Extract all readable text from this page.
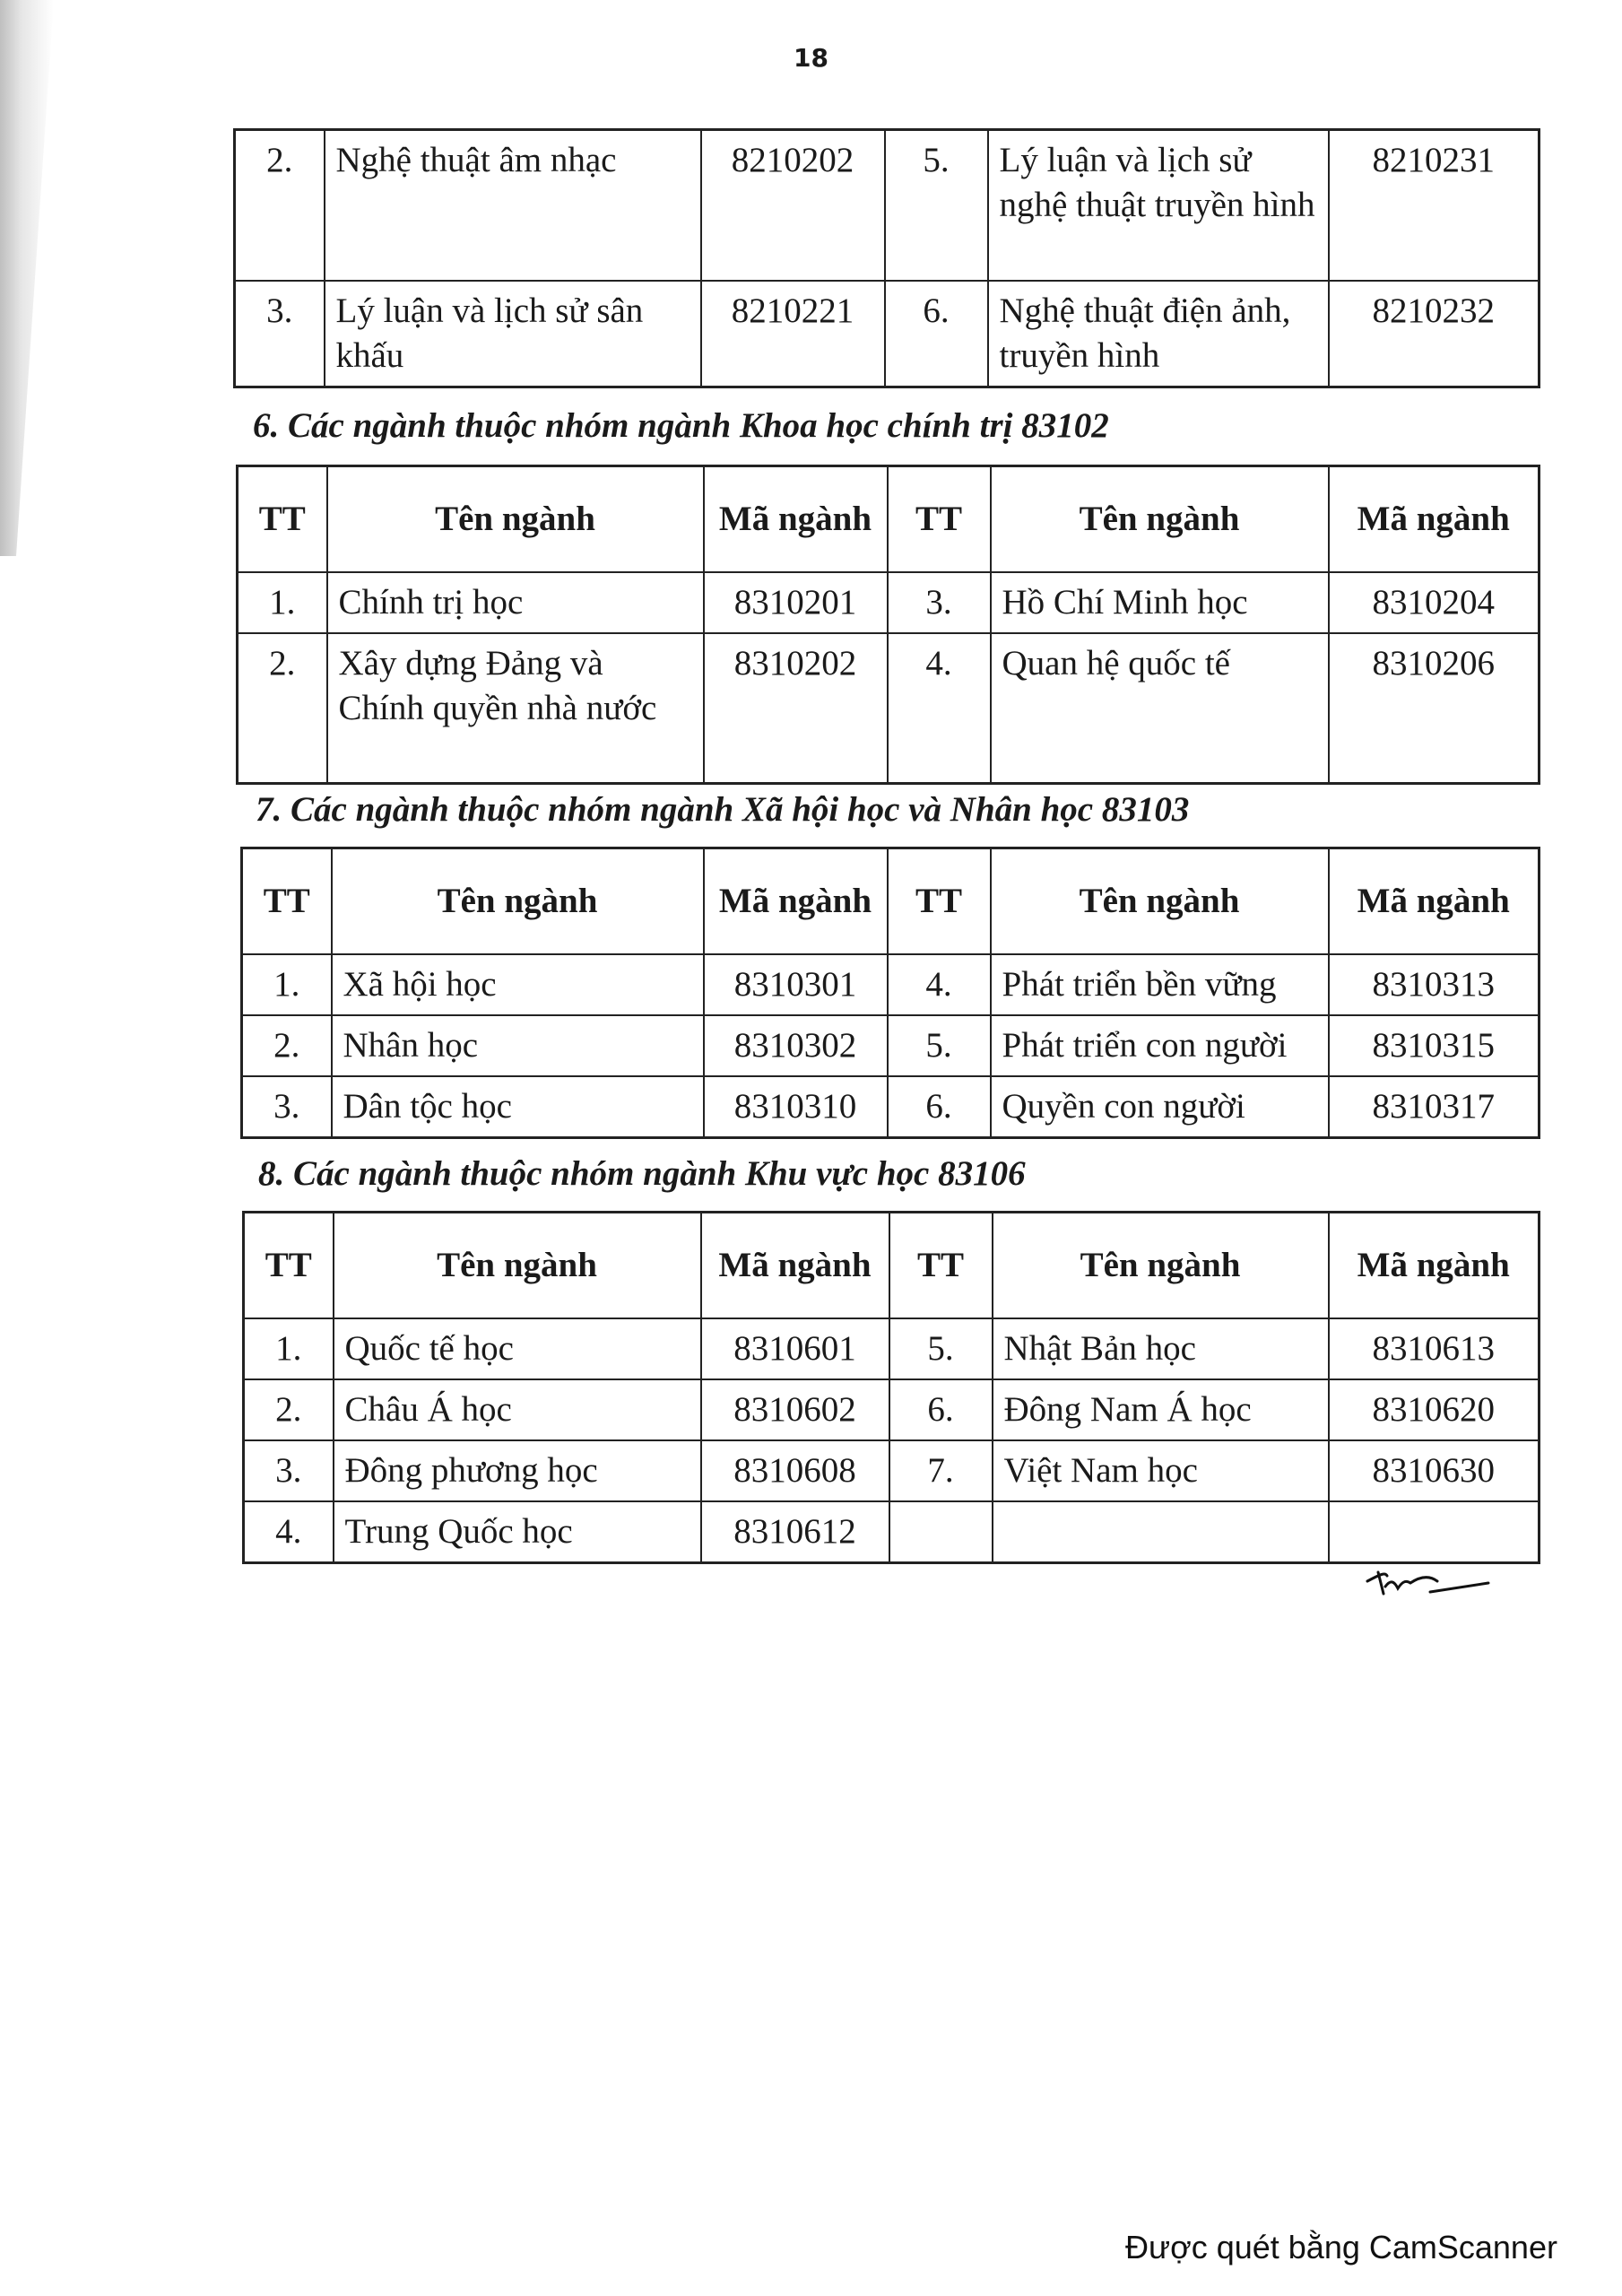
18
2.	Nghệ thuật âm nhạc	8210202	5.	Lý luận và lịch sử nghệ thuật truyền hình	8210231
3.	Lý luận và lịch sử sân khấu	8210221	6.	Nghệ thuật điện ảnh, truyền hình	8210232
6. Các ngành thuộc nhóm ngành Khoa học chính trị 83102
TT	Tên ngành	Mã ngành	TT	Tên ngành	Mã ngành
1.	Chính trị học	8310201	3.	Hồ Chí Minh học	8310204
2.	Xây dựng Đảng và Chính quyền nhà nước	8310202	4.	Quan hệ quốc tế	8310206
7. Các ngành thuộc nhóm ngành Xã hội học và Nhân học 83103
TT	Tên ngành	Mã ngành	TT	Tên ngành	Mã ngành
1.	Xã hội học	8310301	4.	Phát triển bền vững	8310313
2.	Nhân học	8310302	5.	Phát triển con người	8310315
3.	Dân tộc học	8310310	6.	Quyền con người	8310317
8. Các ngành thuộc nhóm ngành Khu vực học 83106
TT	Tên ngành	Mã ngành	TT	Tên ngành	Mã ngành
1.	Quốc tế học	8310601	5.	Nhật Bản học	8310613
2.	Châu Á học	8310602	6.	Đông Nam Á học	8310620
3.	Đông phương học	8310608	7.	Việt Nam học	8310630
4.	Trung Quốc học	8310612			
Được quét bằng CamScanner
